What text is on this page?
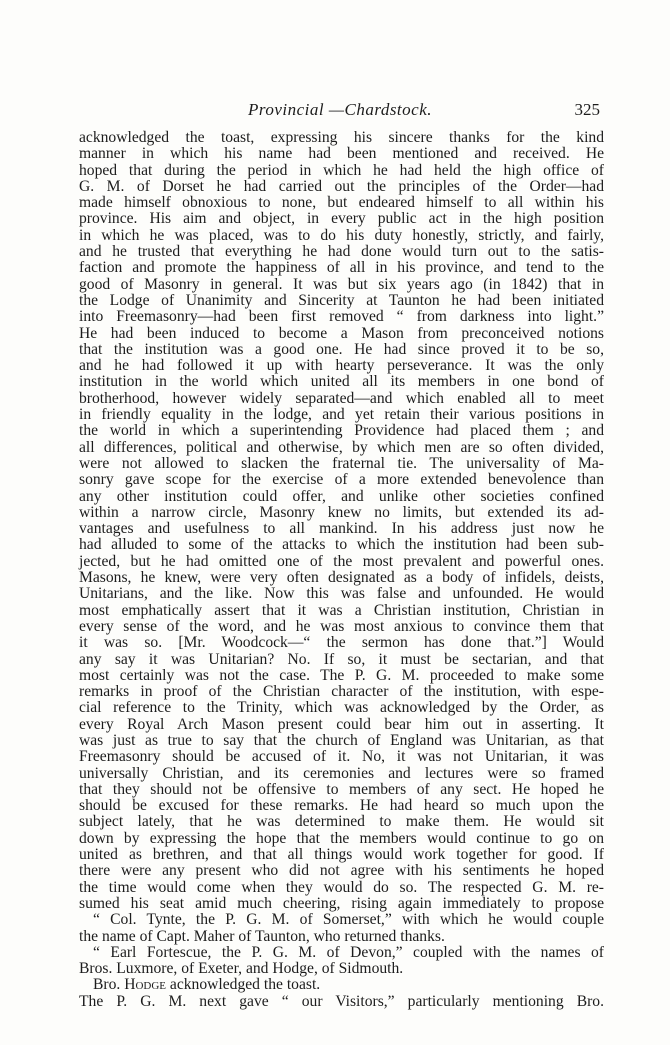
Provincial —Chardstock.	325
acknowledged the toast, expressing his sincere thanks for the kind
manner in which his name had been mentioned and received. He
hoped that during the period in which he had held the high office of
G. M. of Dorset he had carried out the principles of the Order—had
made himself obnoxious to none, but endeared himself to all within his
province. His aim and object, in every public act in the high position
in which he was placed, was to do his duty honestly, strictly, and fairly,
and he trusted that everything he had done would turn out to the satis-
faction and promote the happiness of all in his province, and tend to the
good of Masonry in general. It was but six years ago (in 1842) that in
the Lodge of Unanimity and Sincerity at Taunton he had been initiated
into Freemasonry—had been first removed “ from darkness into light.”
He had been induced to become a Mason from preconceived notions
that the institution was a good one. He had since proved it to be so,
and he had followed it up with hearty perseverance. It was the only
institution in the world which united all its members in one bond of
brotherhood, however widely separated—and which enabled all to meet
in friendly equality in the lodge, and yet retain their various positions in
the world in which a superintending Providence had placed them ; and
all differences, political and otherwise, by which men are so often divided,
were not allowed to slacken the fraternal tie. The universality of Ma-
sonry gave scope for the exercise of a more extended benevolence than
any other institution could offer, and unlike other societies confined
within a narrow circle, Masonry knew no limits, but extended its ad-
vantages and usefulness to all mankind. In his address just now he
had alluded to some of the attacks to which the institution had been sub-
jected, but he had omitted one of the most prevalent and powerful ones.
Masons, he knew, were very often designated as a body of infidels, deists,
Unitarians, and the like. Now this was false and unfounded. He would
most emphatically assert that it was a Christian institution, Christian in
every sense of the word, and he was most anxious to convince them that
it was so. [Mr. Woodcock—“ the sermon has done that.”] Would
any say it was Unitarian? No. If so, it must be sectarian, and that
most certainly was not the case. The P. G. M. proceeded to make some
remarks in proof of the Christian character of the institution, with espe-
cial reference to the Trinity, which was acknowledged by the Order, as
every Royal Arch Mason present could bear him out in asserting. It
was just as true to say that the church of England was Unitarian, as that
Freemasonry should be accused of it. No, it was not Unitarian, it was
universally Christian, and its ceremonies and lectures were so framed
that they should not be offensive to members of any sect. He hoped he
should be excused for these remarks. He had heard so much upon the
subject lately, that he was determined to make them. He would sit
down by expressing the hope that the members would continue to go on
united as brethren, and that all things would work together for good. If
there were any present who did not agree with his sentiments he hoped
the time would come when they would do so. The respected G. M. re-
sumed his seat amid much cheering, rising again immediately to propose
“ Col. Tynte, the P. G. M. of Somerset,” with which he would couple
the name of Capt. Maher of Taunton, who returned thanks.
“ Earl Fortescue, the P. G. M. of Devon,” coupled with the names of
Bros. Luxmore, of Exeter, and Hodge, of Sidmouth.
Bro. Hodge acknowledged the toast.
The P. G. M. next gave “ our Visitors,” particularly mentioning Bro.
